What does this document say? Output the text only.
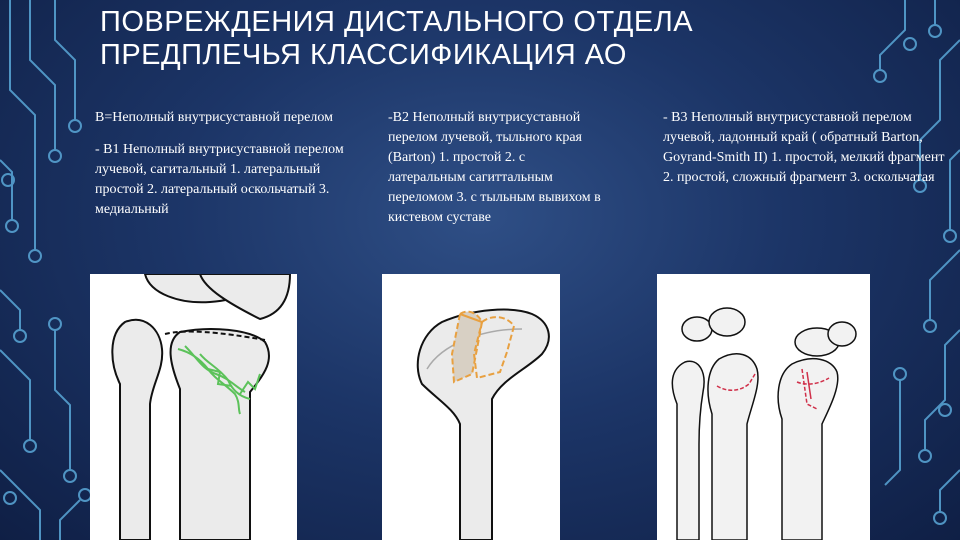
ПОВРЕЖДЕНИЯ ДИСТАЛЬНОГО ОТДЕЛА
ПРЕДПЛЕЧЬЯ КЛАССИФИКАЦИЯ АО

B=Неполный внутрисуставной перелом

- B1 Неполный внутрисуставной перелом лучевой, сагитальный 1. латеральный простой 2. латеральный оскольчатый 3. медиальный

-B2 Неполный внутрисуставной перелом лучевой, тыльного края (Barton) 1. простой 2. с латеральным сагиттальным переломом 3. с тыльным вывихом в кистевом суставе

- B3 Неполный внутрисуставной перелом лучевой, ладонный край ( обратный Barton, Goyrand-Smith II) 1. простой, мелкий фрагмент 2. простой, сложный фрагмент 3. оскольчатая
